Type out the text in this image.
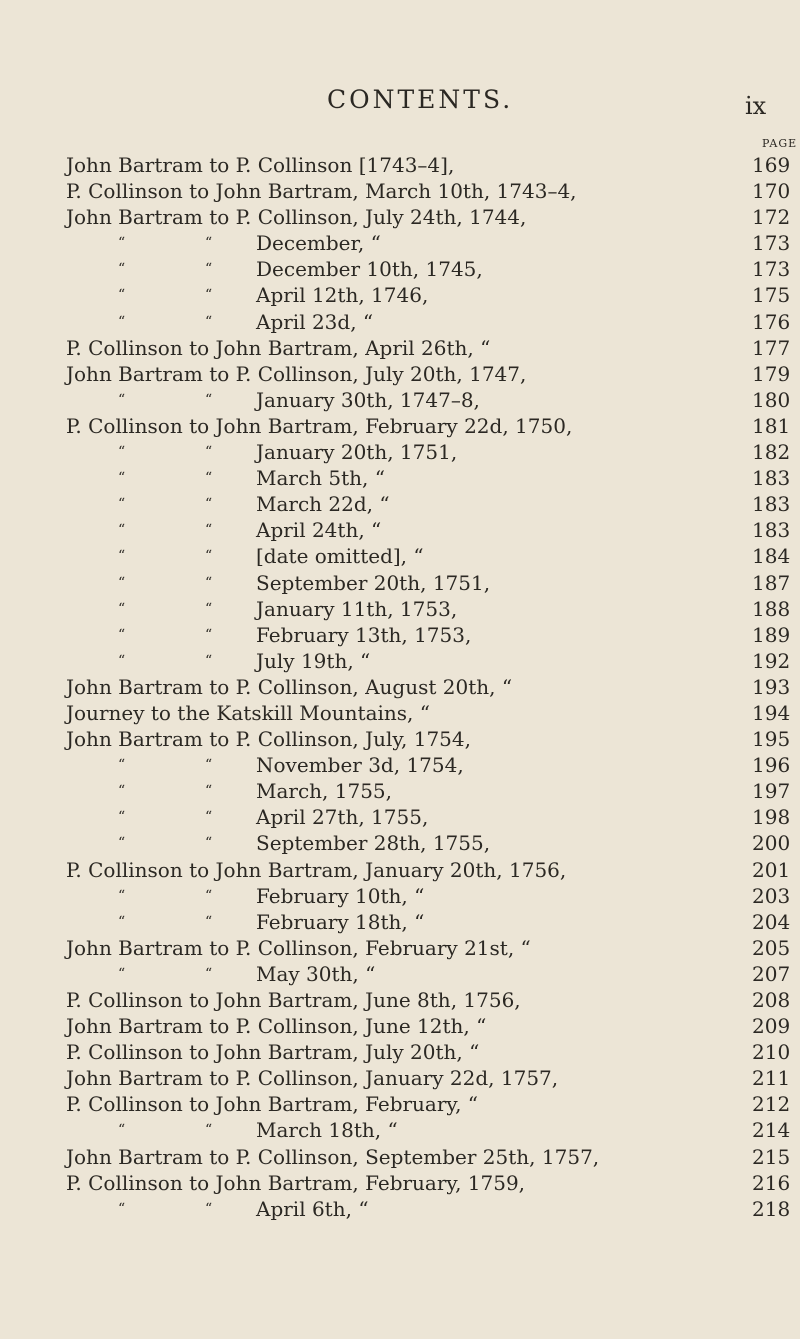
CONTENTS.	ix
PAGE
John Bartram to P. Collinson [1743–4],	169
P. Collinson to John Bartram, March 10th, 1743–4,	170
John Bartram to P. Collinson, July 24th, 1744,	172
“	“ December, “	173
“	“ December 10th, 1745,	173
“	“ April 12th, 1746,	175
“	“ April 23d, “	176
P. Collinson to John Bartram, April 26th, “	177
John Bartram to P. Collinson, July 20th, 1747,	179
“	“ January 30th, 1747–8,	180
P. Collinson to John Bartram, February 22d, 1750,	181
“	“ January 20th, 1751,	182
“	“ March 5th, “	183
“	“ March 22d, “	183
“	“ April 24th, “	183
“	“ [date omitted], “	184
“	“ September 20th, 1751,	187
“	“ January 11th, 1753,	188
“	“ February 13th, 1753,	189
“	“ July 19th, “	192
John Bartram to P. Collinson, August 20th, “	193
Journey to the Katskill Mountains, “	194
John Bartram to P. Collinson, July, 1754,	195
“	“ November 3d, 1754,	196
“	“ March, 1755,	197
“	“ April 27th, 1755,	198
“	“ September 28th, 1755,	200
P. Collinson to John Bartram, January 20th, 1756,	201
“	“ February 10th, “	203
“	“ February 18th, “	204
John Bartram to P. Collinson, February 21st, “	205
“	“ May 30th, “	207
P. Collinson to John Bartram, June 8th, 1756,	208
John Bartram to P. Collinson, June 12th, “	209
P. Collinson to John Bartram, July 20th, “	210
John Bartram to P. Collinson, January 22d, 1757,	211
P. Collinson to John Bartram, February, “	212
“	“ March 18th, “	214
John Bartram to P. Collinson, September 25th, 1757,	215
P. Collinson to John Bartram, February, 1759,	216
“	“ April 6th, “	218
